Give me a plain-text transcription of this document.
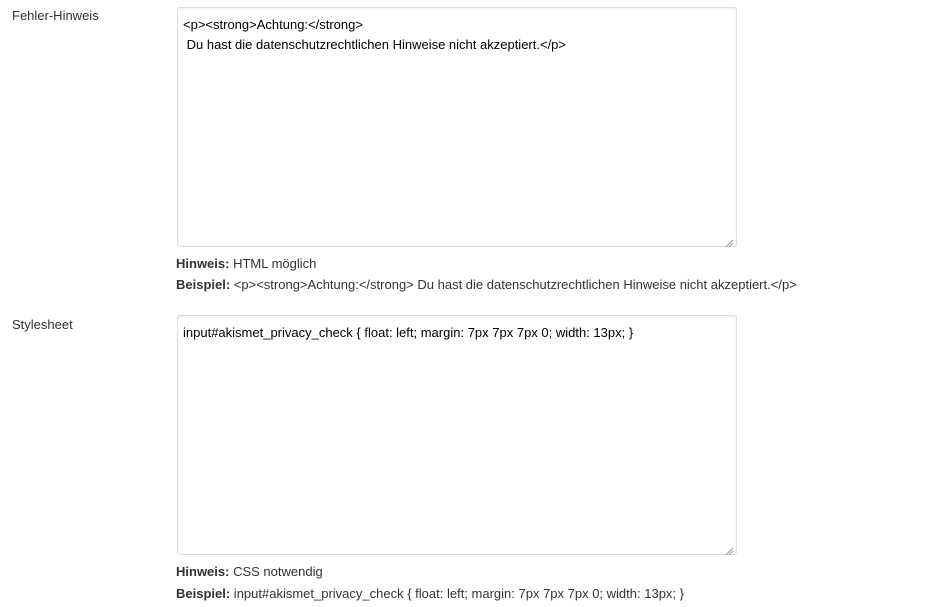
Fehler-Hinweis
<p><strong>Achtung:</strong>
Du hast die datenschutzrechtlichen Hinweise nicht akzeptiert.</p>
Hinweis: HTML möglich
Beispiel: <p><strong>Achtung:</strong> Du hast die datenschutzrechtlichen Hinweise nicht akzeptiert.</p>
Stylesheet
input#akismet_privacy_check { float: left; margin: 7px 7px 7px 0; width: 13px; }
Hinweis: CSS notwendig
Beispiel: input#akismet_privacy_check { float: left; margin: 7px 7px 7px 0; width: 13px; }
